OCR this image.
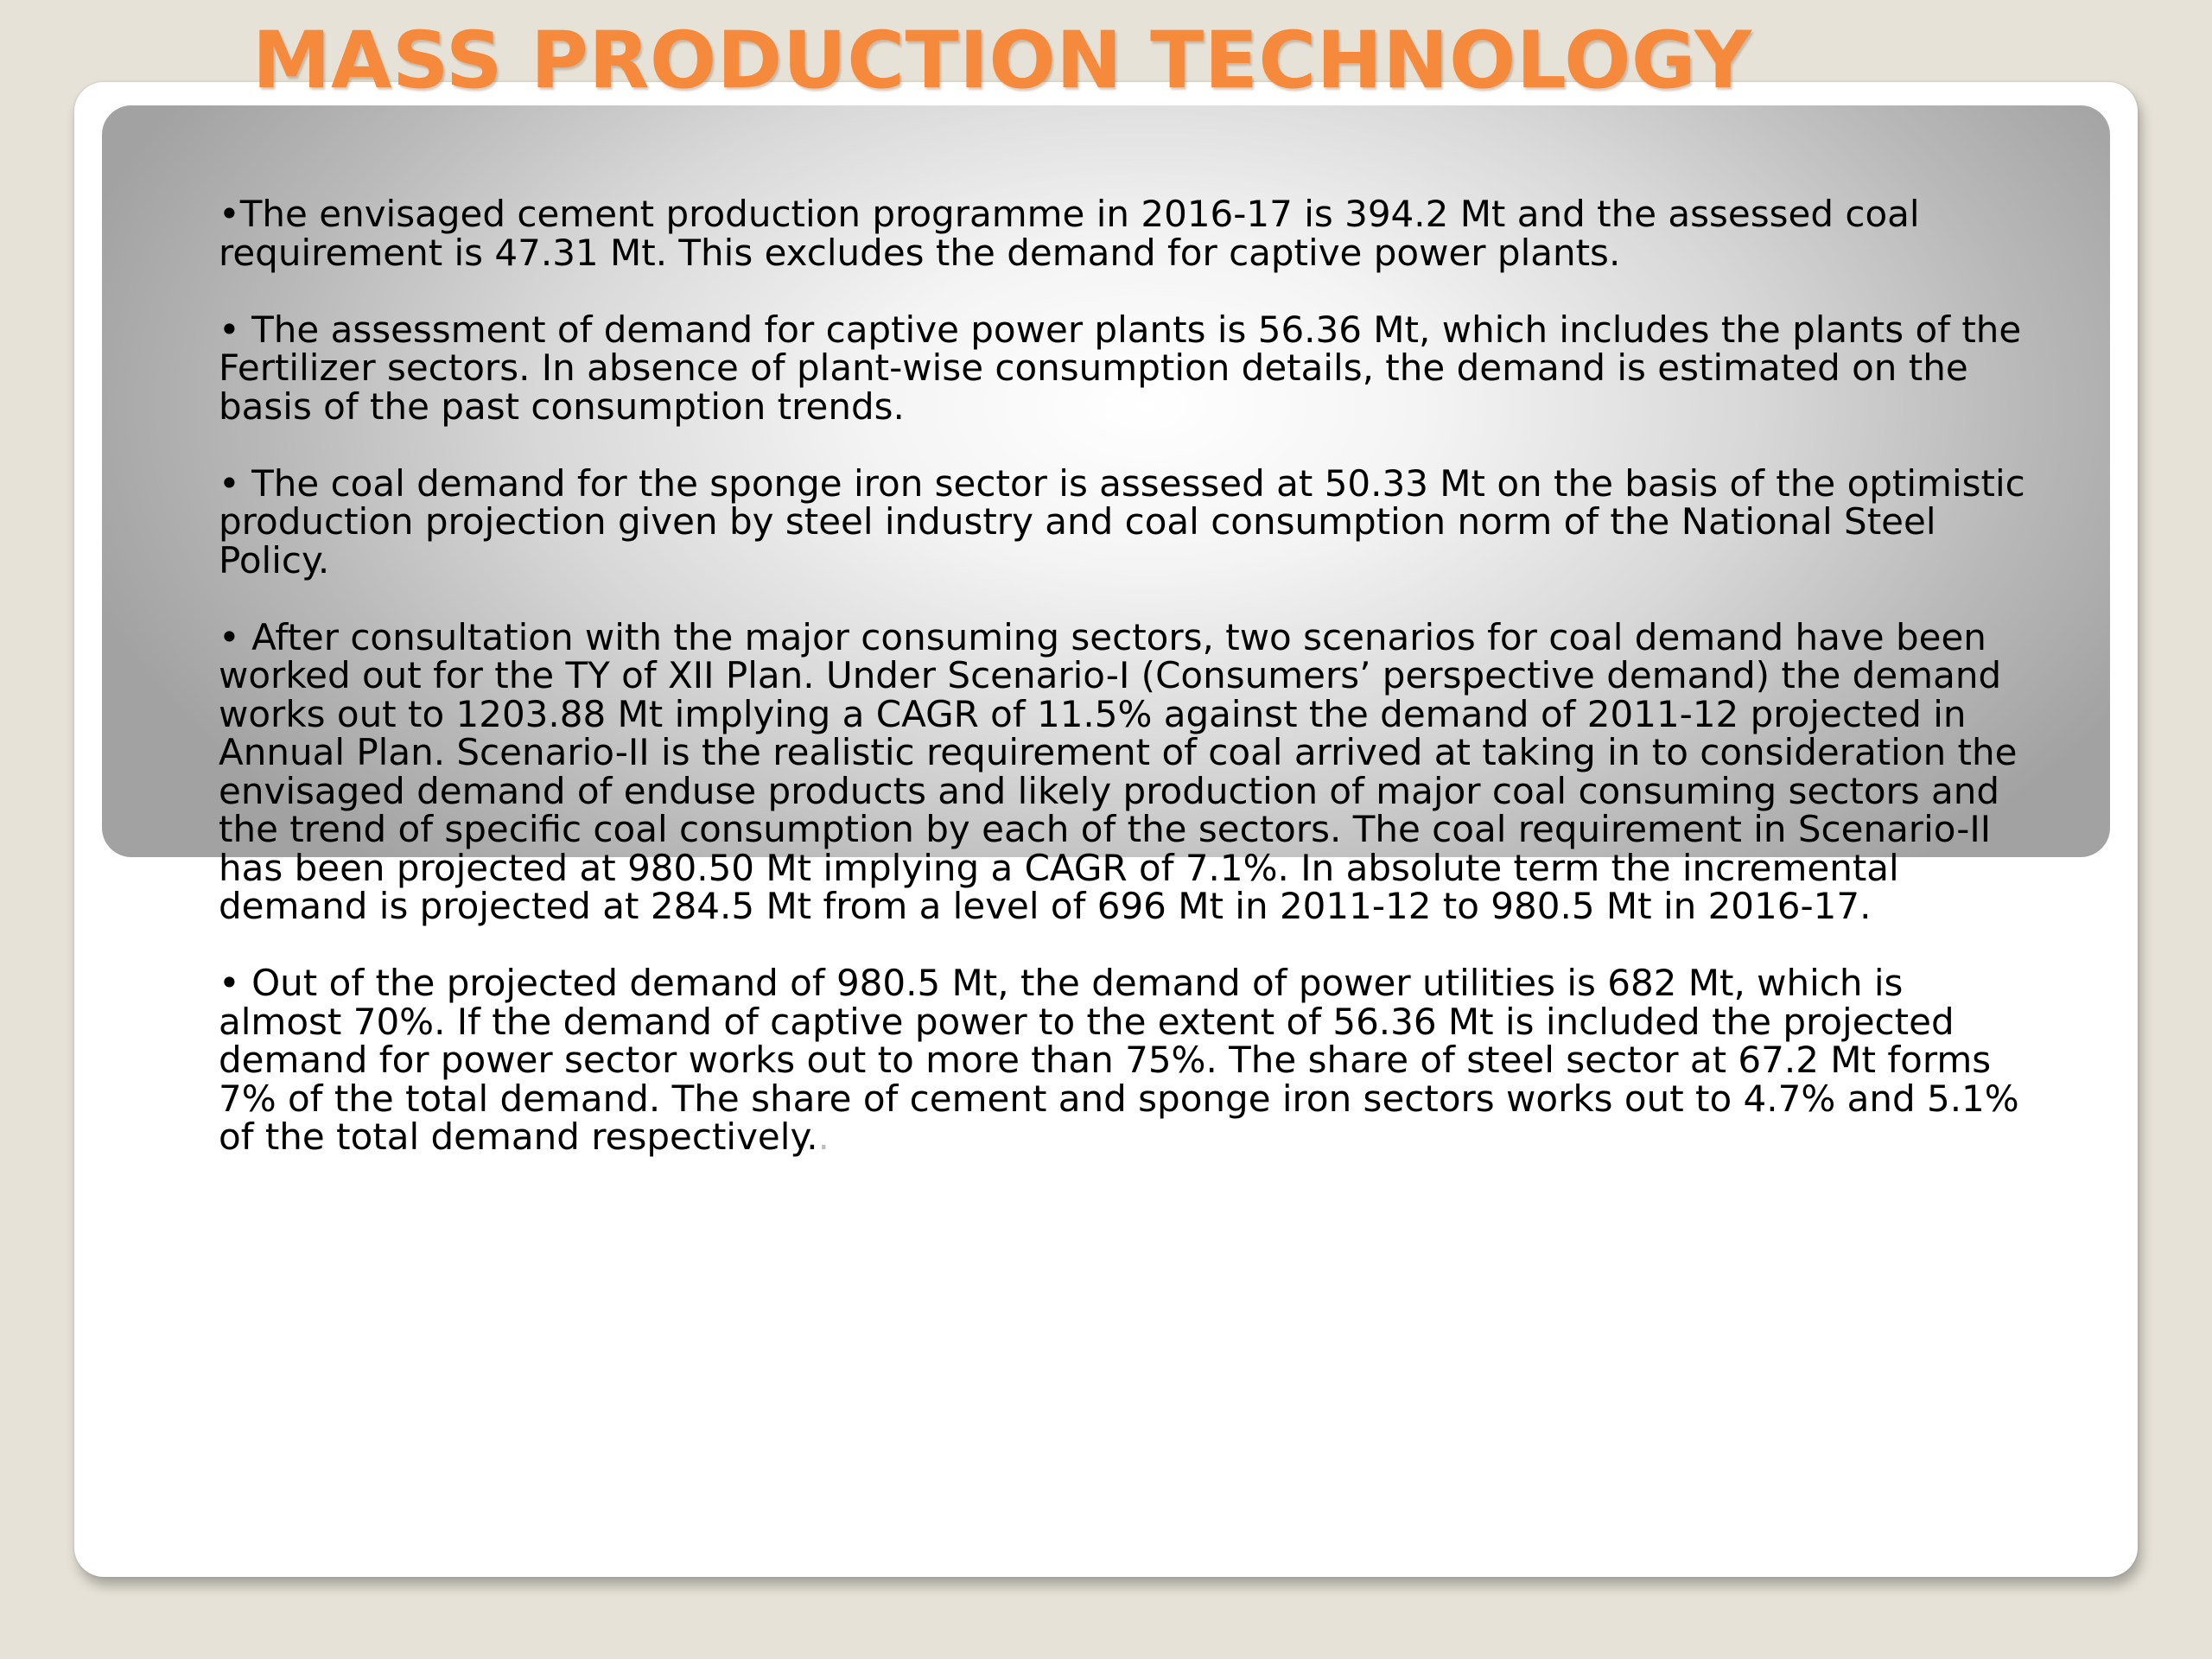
MASS PRODUCTION TECHNOLOGY

•The envisaged cement production programme in 2016-17 is 394.2 Mt and the assessed coal requirement is 47.31 Mt. This excludes the demand for captive power plants.

• The assessment of demand for captive power plants is 56.36 Mt, which includes the plants of the Fertilizer sectors. In absence of plant-wise consumption details, the demand is estimated on the basis of the past consumption trends.

• The coal demand for the sponge iron sector is assessed at 50.33 Mt on the basis of the optimistic production projection given by steel industry and coal consumption norm of the National Steel Policy.

• After consultation with the major consuming sectors, two scenarios for coal demand have been worked out for the TY of XII Plan. Under Scenario-I (Consumers’ perspective demand) the demand works out to 1203.88 Mt implying a CAGR of 11.5% against the demand of 2011-12 projected in Annual Plan. Scenario-II is the realistic requirement of coal arrived at taking in to consideration the envisaged demand of enduse products and likely production of major coal consuming sectors and the trend of specific coal consumption by each of the sectors. The coal requirement in Scenario-II has been projected at 980.50 Mt implying a CAGR of 7.1%. In absolute term the incremental demand is projected at 284.5 Mt from a level of 696 Mt in 2011-12 to 980.5 Mt in 2016-17.

• Out of the projected demand of 980.5 Mt, the demand of power utilities is 682 Mt, which is almost 70%. If the demand of captive power to the extent of 56.36 Mt is included the projected demand for power sector works out to more than 75%. The share of steel sector at 67.2 Mt forms 7% of the total demand. The share of cement and sponge iron sectors works out to 4.7% and 5.1% of the total demand respectively..
